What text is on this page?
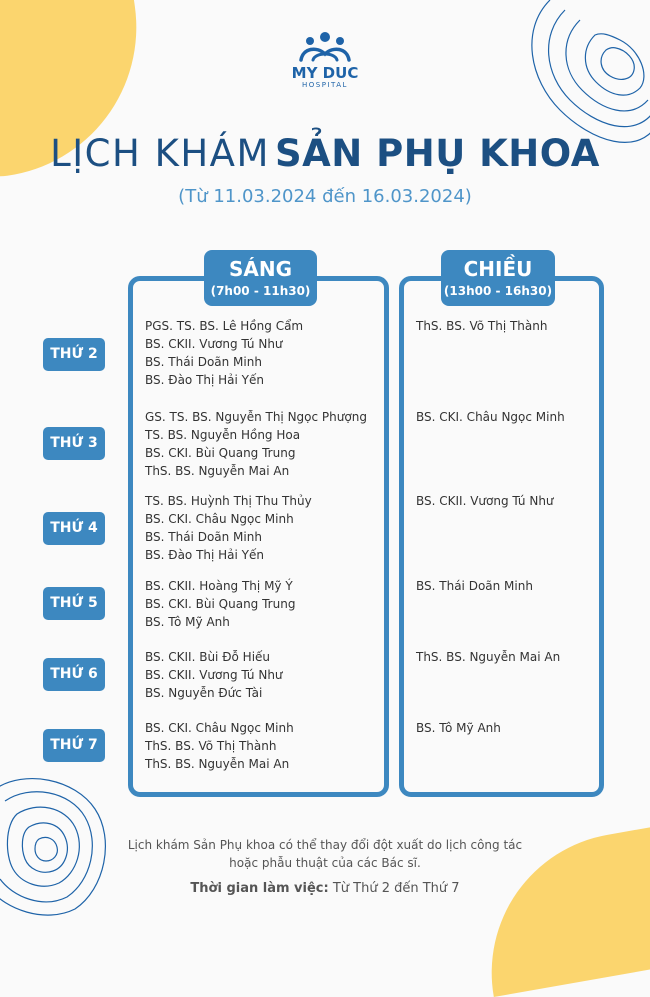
MY DUC
HOSPITAL
LỊCH KHÁM SẢN PHỤ KHOA
(Từ 11.03.2024 đến 16.03.2024)
SÁNG
(7h00 - 11h30)
CHIỀU
(13h00 - 16h30)
THỨ 2
PGS. TS. BS. Lê Hồng Cẩm
BS. CKII. Vương Tú Như
BS. Thái Doãn Minh
BS. Đào Thị Hải Yến
ThS. BS. Võ Thị Thành
THỨ 3
GS. TS. BS. Nguyễn Thị Ngọc Phượng
TS. BS. Nguyễn Hồng Hoa
BS. CKI. Bùi Quang Trung
ThS. BS. Nguyễn Mai An
BS. CKI. Châu Ngọc Minh
THỨ 4
TS. BS. Huỳnh Thị Thu Thủy
BS. CKI. Châu Ngọc Minh
BS. Thái Doãn Minh
BS. Đào Thị Hải Yến
BS. CKII. Vương Tú Như
THỨ 5
BS. CKII. Hoàng Thị Mỹ Ý
BS. CKI. Bùi Quang Trung
BS. Tô Mỹ Anh
BS. Thái Doãn Minh
THỨ 6
BS. CKII. Bùi Đỗ Hiếu
BS. CKII. Vương Tú Như
BS. Nguyễn Đức Tài
ThS. BS. Nguyễn Mai An
THỨ 7
BS. CKI. Châu Ngọc Minh
ThS. BS. Võ Thị Thành
ThS. BS. Nguyễn Mai An
BS. Tô Mỹ Anh
Lịch khám Sản Phụ khoa có thể thay đổi đột xuất do lịch công tác
hoặc phẫu thuật của các Bác sĩ.
Thời gian làm việc: Từ Thứ 2 đến Thứ 7
